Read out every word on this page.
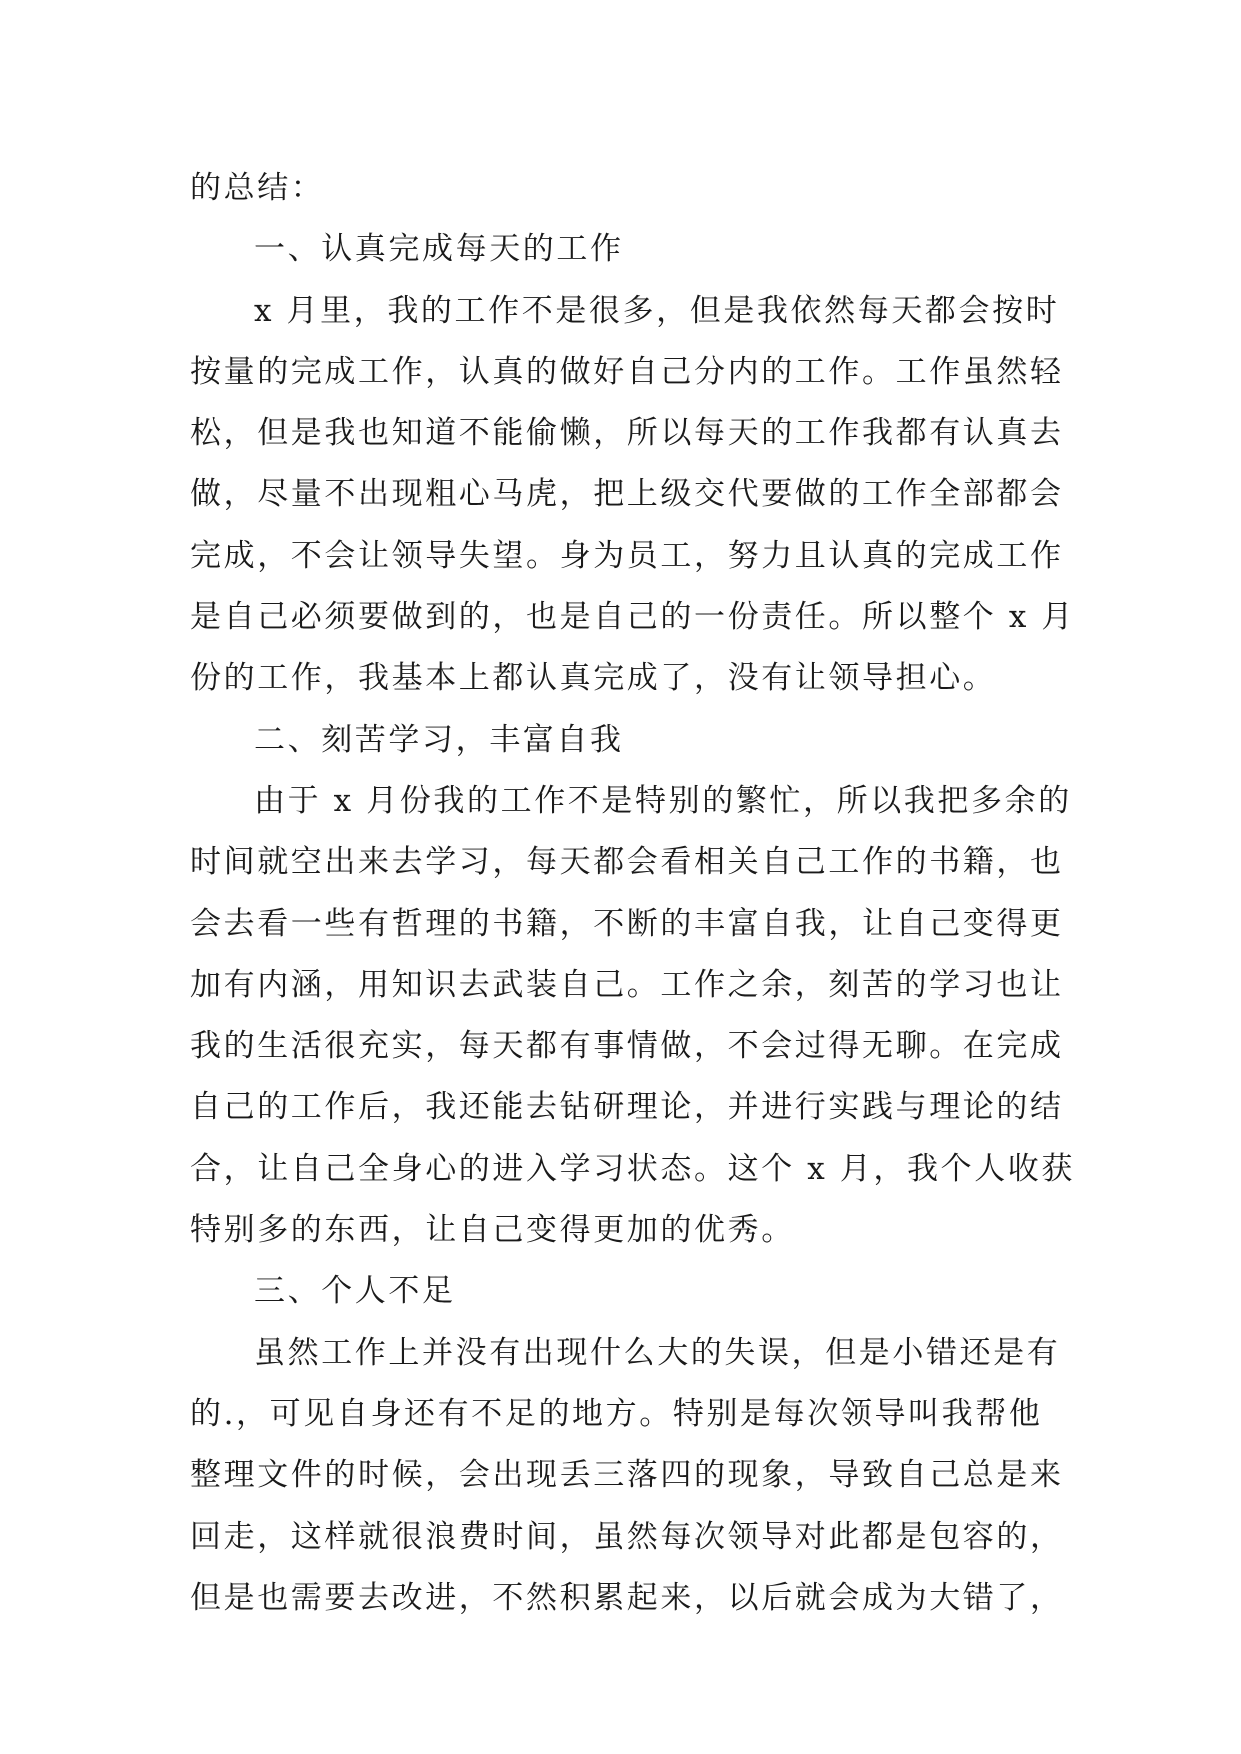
的总结：
一、认真完成每天的工作
x 月里，我的工作不是很多，但是我依然每天都会按时
按量的完成工作，认真的做好自己分内的工作。工作虽然轻
松，但是我也知道不能偷懒，所以每天的工作我都有认真去
做，尽量不出现粗心马虎，把上级交代要做的工作全部都会
完成，不会让领导失望。身为员工，努力且认真的完成工作
是自己必须要做到的，也是自己的一份责任。所以整个 x 月
份的工作，我基本上都认真完成了，没有让领导担心。
二、刻苦学习，丰富自我
由于 x 月份我的工作不是特别的繁忙，所以我把多余的
时间就空出来去学习，每天都会看相关自己工作的书籍，也
会去看一些有哲理的书籍，不断的丰富自我，让自己变得更
加有内涵，用知识去武装自己。工作之余，刻苦的学习也让
我的生活很充实，每天都有事情做，不会过得无聊。在完成
自己的工作后，我还能去钻研理论，并进行实践与理论的结
合，让自己全身心的进入学习状态。这个 x 月，我个人收获
特别多的东西，让自己变得更加的优秀。
三、个人不足
虽然工作上并没有出现什么大的失误，但是小错还是有
的.，可见自身还有不足的地方。特别是每次领导叫我帮他
整理文件的时候，会出现丢三落四的现象，导致自己总是来
回走，这样就很浪费时间，虽然每次领导对此都是包容的，
但是也需要去改进，不然积累起来，以后就会成为大错了，
